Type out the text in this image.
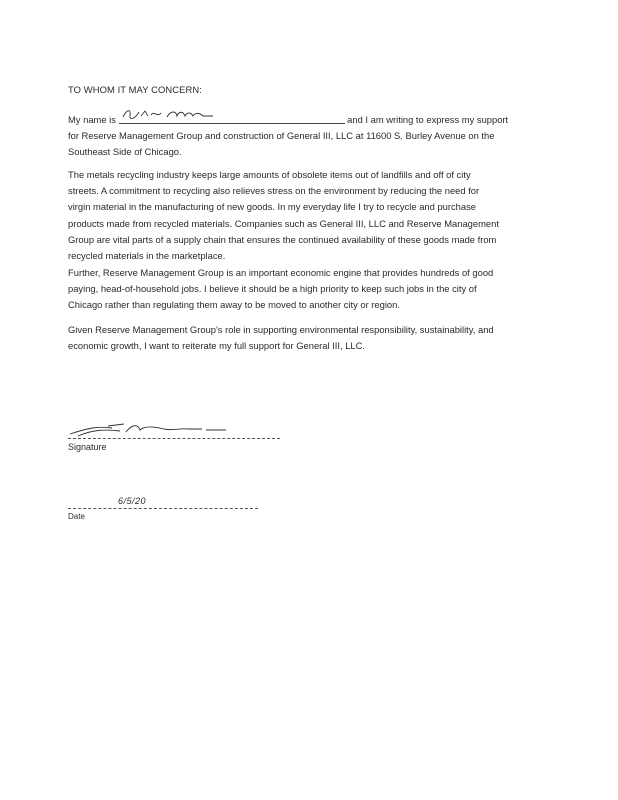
TO WHOM IT MAY CONCERN:

My name is	and I am writing to express my support
for Reserve Management Group and construction of General III, LLC at 11600 S. Burley Avenue on the
Southeast Side of Chicago.

The metals recycling industry keeps large amounts of obsolete items out of landfills and off of city
streets. A commitment to recycling also relieves stress on the environment by reducing the need for
virgin material in the manufacturing of new goods. In my everyday life I try to recycle and purchase
products made from recycled materials. Companies such as General III, LLC and Reserve Management
Group are vital parts of a supply chain that ensures the continued availability of these goods made from
recycled materials in the marketplace.

Further, Reserve Management Group is an important economic engine that provides hundreds of good
paying, head-of-household jobs. I believe it should be a high priority to keep such jobs in the city of
Chicago rather than regulating them away to be moved to another city or region.

Given Reserve Management Group's role in supporting environmental responsibility, sustainability, and
economic growth, I want to reiterate my full support for General III, LLC.

Signature
6/5/20
Date
